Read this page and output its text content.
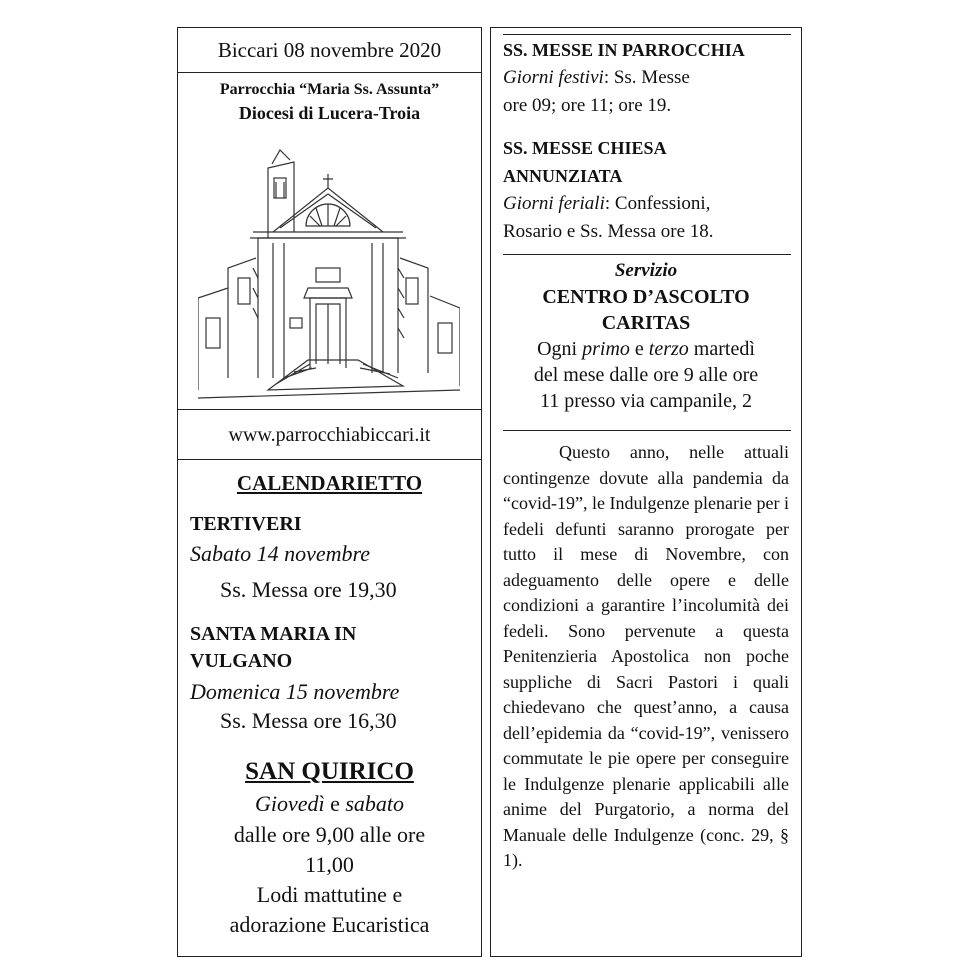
Biccari 08 novembre 2020
Parrocchia “Maria Ss. Assunta”
Diocesi di Lucera-Troia
www.parrocchiabiccari.it
CALENDARIETTO
TERTIVERI
Sabato 14 novembre
Ss. Messa ore 19,30
SANTA MARIA IN
VULGANO
Domenica 15 novembre
Ss. Messa ore 16,30
SAN QUIRICO
Giovedì e sabato
dalle ore 9,00 alle ore
11,00
Lodi mattutine e
adorazione Eucaristica
SS. MESSE IN PARROCCHIA
Giorni festivi: Ss. Messe
ore 09; ore 11; ore 19.
SS. MESSE CHIESA
ANNUNZIATA
Giorni feriali: Confessioni,
Rosario e Ss. Messa ore 18.
Servizio
CENTRO D’ASCOLTO
CARITAS
Ogni primo e terzo martedì
del mese dalle ore 9 alle ore
11 presso via campanile, 2
Questo anno, nelle attuali contingenze dovute alla pandemia da “covid-19”, le Indulgenze plenarie per i fedeli defunti saranno prorogate per tutto il mese di Novembre, con adeguamento delle opere e delle condizioni a garantire l’incolumità dei fedeli. Sono pervenute a questa Penitenzieria Apostolica non poche suppliche di Sacri Pastori i quali chiedevano che quest’anno, a causa dell’epidemia da “covid-19”, venissero commutate le pie opere per conseguire le Indulgenze plenarie applicabili alle anime del Purgatorio, a norma del Manuale delle Indulgenze (conc. 29, § 1).
